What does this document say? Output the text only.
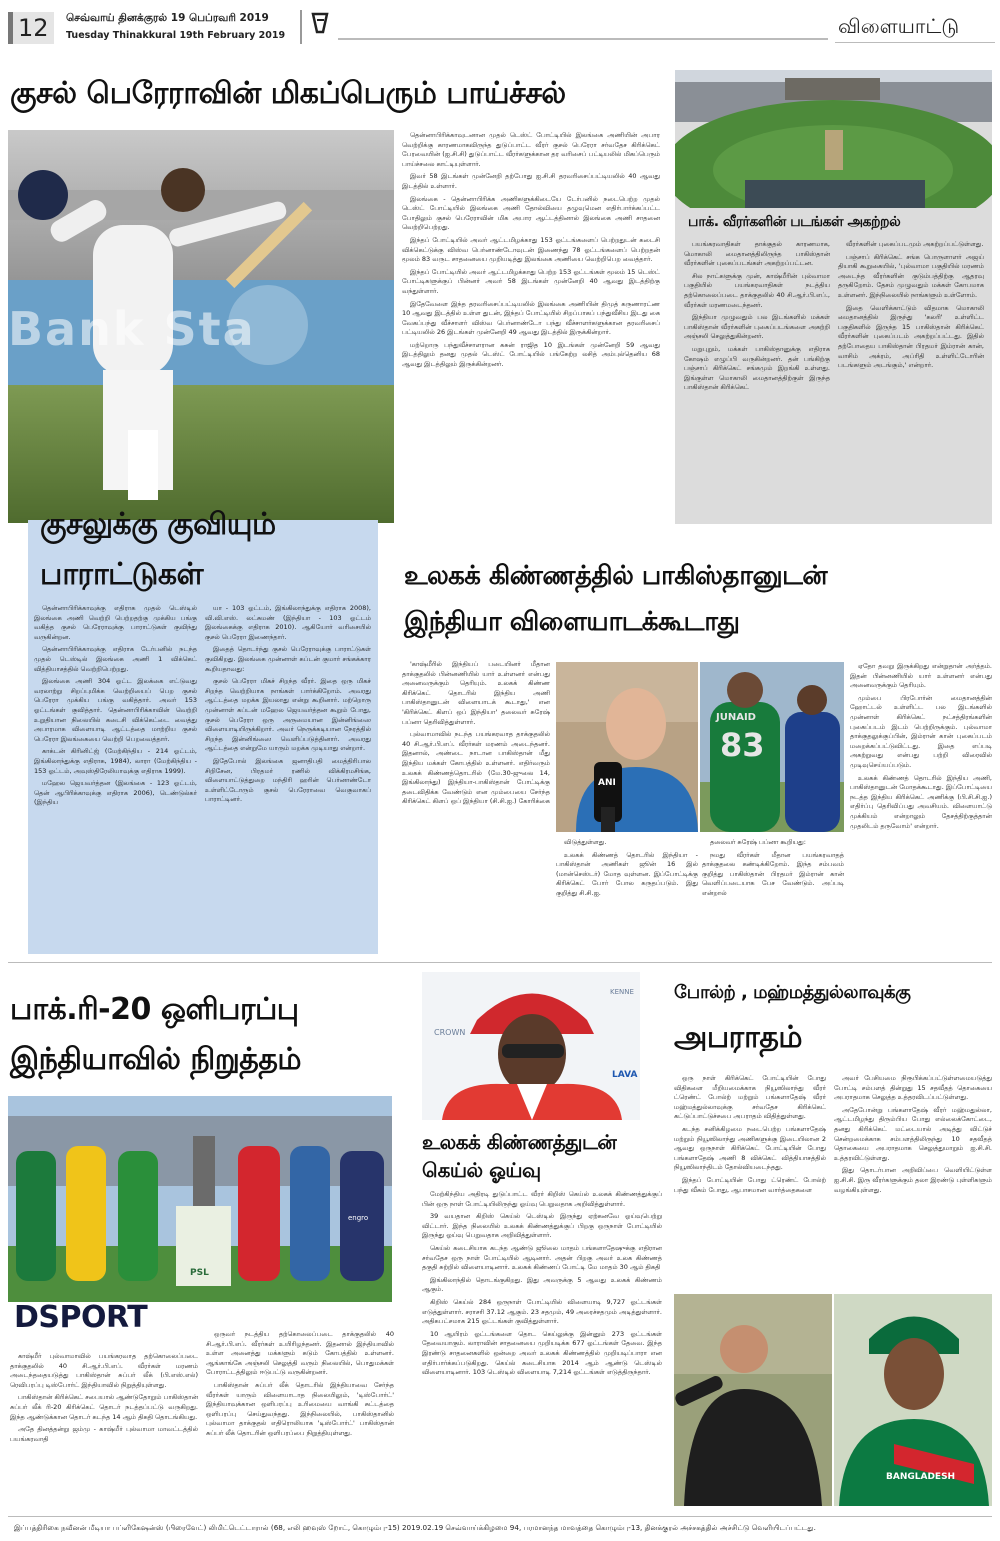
12 செவ்வாய் தினக்குரல் 19 பெப்ரவரி 2019
Tuesday Thinakkural 19th February 2019	விளையாட்டு
குசல் பெரேராவின் மிகப்பெரும் பாய்ச்சல்
Bank Sta

தென்னாபிரிக்காவுடனான முதல் டெஸ்ட் போட்டியில் இலங்கை அணியின் அபார வெற்றிக்கு காரணமாகவிருந்த துடுப்பாட்ட வீரர் குசல் பெரேரா சர்வதேச கிரிக்கெட் பேரவையின் (ஐ.சி.சி) துடுப்பாட்ட வீரர்களுக்கான தர வரிசைப் பட்டியலில் மிகப்பெரும் பாய்ச்சலை காட்டியுள்ளார்.

இவர் 58 இடங்கள் முன்னேறி தற்போது ஐ.சி.சி தரவரிசைப்பட்டியலில் 40 ஆவது இடத்தில் உள்ளார்.

இலங்கை - தென்னாபிரிக்க அணிகளுக்கிடையே டேர்பனில் நடைபெற்ற முதல் டெஸ்ட் போட்டியில் இலங்கை அணி தோல்வியை தழுவுமென எதிர்பார்க்கப்பட்ட போதிலும் குசல் பெரேராவின் மிக அபார ஆட்டத்தினால் இலங்கை அணி சாதனை வெற்றிபெற்றது.

இந்தப் போட்டியில் அவர் ஆட்டமிழக்காது 153 ஓட்டங்களைப் பெற்றதுடன் கடைசி விக்கெட்டுக்கு விஸ்வ பெர்னாண்டோவுடன் இணைந்து 78 ஓட்டங்களைப் பெற்றதன் மூலம் 83 வருட சாதனையை முறியடித்து இலங்கை அணியை வெற்றிபெற வைத்தார்.

இந்தப் போட்டியில் அவர் ஆட்டமிழக்காது பெற்ற 153 ஓட்டங்கள் மூலம் 15 டெஸ்ட் போட்டிகளுக்குப் பின்னர் அவர் 58 இடங்கள் முன்னேறி 40 ஆவது இடத்திற்கு வந்துள்ளார்.

இதேவேளை இந்த தரவரிசைப்பட்டியலில் இலங்கை அணியின் திமுத் கருணாரட்ண 10 ஆவது இடத்தில் உள்ள துடன், இந்தப் போட்டியில் சிறப்பாகப் பந்துவீசிய இடது கை வேகப்பந்து வீச்சாளர் விஸ்வ பெர்னாண்டோ பந்து வீச்சாளர்களுக்கான தரவரிசைப் பட்டியலில் 26 இடங்கள் முன்னேறி 49 ஆவது இடத்தில் இருக்கின்றார்.

மற்றொரு பந்துவீச்சாளரான கசுன் ராஜித 10 இடங்கள் முன்னேறி 59 ஆவது இடத்திலும் தனது முதல் டெஸ்ட் போட்டியில் பங்கேற்ற லசித் அம்புல்தெனிய 68 ஆவது இடத்திலும் இருக்கின்றனர்.

பாக். வீரர்களின் படங்கள் அகற்றல்

பயங்கரவாதிகள் தாக்குதல் காரணமாக, மொகாலி மைதானத்திலிருந்த பாகிஸ்தான் வீரர்களின் புகைப்படங்கள் அகற்றப்பட்டன.

சில நாட்களுக்கு முன், காஷ்மீரின் புல்வாமா பகுதியில் பயங்கரவாதிகள் நடத்திய தற்கொலைப்படை தாக்குதலில் 40 சி.ஆர்.பி.எப்., வீரர்கள் மரணமடைந்தனர்.

இந்தியா முழுவதும் பல இடங்களில் மக்கள் பாகிஸ்தான் வீரர்களின் புகைப்படங்களை அகற்றி அஞ்சலி செலுத்துகின்றனர்.

மறுபுறும், மக்கள் பாகிஸ்தானுக்கு எதிராக கோஷம் எழுப்பி வருகின்றனர். தன் பங்கிற்கு பஞ்சாப் கிரிக்கெட் சங்கமும் இறங்கி உள்ளது. இங்குள்ள மொகாலி மைதானத்திற்குள் இருந்த பாகிஸ்தான் கிரிக்கெட்

வீரர்களின் புகைப்படமும் அகற்றப்பட்டுள்ளது.

பஞ்சாப் கிரிக்கெட் சங்க பொருளாளர் அஜய் தியாகி கூறுகையில், 'புல்வாமா பகுதியில் மரணம் அடைந்த வீரர்களின் குடும்பத்திற்கு ஆதரவு தருகிறோம். தேசம் முழுவதும் மக்கள் கோபமாக உள்ளனர். இந்நிலையில் நாங்களும் உள்ளோம்.

இதை வெளிக்காட்டும் விதமாக மொகாலி மைதானத்தில் இருந்து 'கலரி' உள்ளிட்ட பகுதிகளில் இருந்த 15 பாகிஸ்தான் கிரிக்கெட் வீரர்களின் புகைப்படம் அகற்றப்பட்டது. இதில் தற்போதைய பாகிஸ்தான் பிரதமர் இம்ரான் கான், வாசிம் அக்ரம், அப்ரிதி உள்ளிட்டோரின் படங்களும் அடங்கும்,' என்றார்.

குசலுக்கு குவியும்
பாராட்டுகள்

தென்னாபிரிக்காவுக்கு எதிராக முதல் டெஸ்டில் இலங்கை அணி வெற்றி பெற்றதற்கு முக்கிய பங்கு வகித்த குசல் பெரேராவுக்கு பாராட்டுகள் குவிந்து வருகின்றன.

தென்னாபிரிக்காவுக்கு எதிராக டேர்பனில் நடந்த முதல் டெஸ்டில் இலங்கை அணி 1 விக்கெட் வித்தியாசத்தில் வெற்றிபெற்றது.

இலங்கை அணி 304 ஓட்ட இலக்கை எட்டுவது வரலாற்று சிறப்புமிக்க வெற்றியைப் பெற குசல் பெரேரா முக்கிய பங்கு வகித்தார். அவர் 153 ஓட்டங்கள் குவித்தார். தென்னாபிரிக்காவின் வெற்றி உறுதியான நிலையில் கடைசி விக்கெட்டை வைத்து அபாரமாக விளையாடி ஆட்டத்தை மாற்றிய குசல் பெரேரா இலங்கையை வெற்றி பெறவைத்தார்.

காக்டன் கிரினிட்ஜ் (மேற்கிந்திய - 214 ஓட்டம், இங்கிலாந்துக்கு எதிராக, 1984), லாரா (மேற்கிந்திய - 153 ஓட்டம், அவுஸ்திரேலியாவுக்கு எதிராக 1999).

மஹேல ஜெயவர்த்தன (இலங்கை - 123 ஓட்டம், தென் ஆபிரிக்காவுக்கு எதிராக 2006), டெண்டுல்கர் (இந்திய

யா - 103 ஓட்டம், இங்கிலாந்துக்கு எதிராக 2008), வி.வி.எஸ். லட்சுமண் (இந்தியா - 103 ஓட்டம் இலங்கைக்கு எதிராக 2010). ஆகியோர் வரிசையில் குசல் பெரேரா இணைந்தார்.

இதைத் தொடர்ந்து குசல் பெரேராவுக்கு பாராட்டுகள் குவிகிறது. இலங்கை முன்னாள் கப்டன் குமார் சங்கக்கார கூறியதாவது:

குசல் பெரேரா மிகச் சிறந்த வீரர். இதை ஒரு மிகச் சிறந்த வெற்றியாக நாங்கள் பார்க்கிறோம். அவரது ஆட்டத்தை மறக்க இயலாது என்று கூறினார். மற்றொரு முன்னாள் கப்டன் மஹேல ஜெயவர்த்தன கூறும் போது, குசல் பெரேரா ஒரு அருமையான இன்னிங்ஸை விளையாடியிருக்கிறார். அவர் நெருக்கடியான நேரத்தில் சிறந்த இன்னிங்ஸை வெளிப்படுத்தினார். அவரது ஆட்டத்தை என்றுமே யாரும் மறக்க முடியாது என்றார்.

இதேபோல் இலங்கை ஜனாதிபதி மைத்திரிபால சிறிசேன, பிரதமர் ரணில் விக்கிரமசிங்க, விளையாட்டுத்துறை மந்திரி ஹரின் பெர்னாண்டோ உள்ளிட்டோரும் குசல் பெரேராவை வெகுவாகப் பாராட்டினர்.

உலகக் கிண்ணத்தில் பாகிஸ்தானுடன்
இந்தியா விளையாடக்கூடாது

'காஷ்மீரில் இந்தியப் படையினர் மீதான தாக்குதலில் பின்னணியில் யார் உள்ளனர் என்பது அனைவருக்கும் தெரியும். உலகக் கிண்ண கிரிக்கெட் தொடரில் இந்திய அணி பாகிஸ்தானுடன் விளையாடக் கூடாது,' என 'கிரிக்கெட் கிளப் ஒப் இந்தியா' தலைவர் சுரேஷ் பப்னா தெரிவித்துள்ளார்.

புல்வாமாவில் நடந்த பயங்கரவாத தாக்குதலில் 40 சி.ஆர்.பி.எப். வீரர்கள் மரணம் அடைந்தனர். இதனால், அண்டை நாடான பாகிஸ்தான் மீது இந்திய மக்கள் கோபத்தில் உள்ளனர். எதிர்வரும் உலகக் கிண்ணத்தொடரில் (மே.30-ஜுலை 14, இங்கிலாந்து) இந்தியா-பாகிஸ்தான் போட்டிக்கு தடைவிதிக்க வேண்டும் என மும்பையை சேர்ந்த கிரிக்கெட் கிளப் ஒப் இந்தியா (சி.சி.ஐ.) கோரிக்கை

ANI
JUNAID
83

விடுத்துள்ளது.

உலகக் கிண்ணத் தொடரில் இந்தியா - பாகிஸ்தான் அணிகள் ஜூன் 16 இல் (மான்செஸ்டர்) மோத வுள்ளன. இப்போட்டிக்கு கிரிக்கெட் போர் போல கருதப்படும். இது குறித்து சி.சி.ஐ.

தலைவர் சுரேஷ் பப்னா கூறியது:

நமது வீரர்கள் மீதான பயங்கரவாதத் தாக்குதலை கண்டிக்கிறோம். இந்த சம்பவம் குறித்து பாகிஸ்தான் பிரதமர் இம்ரான் கான் வெளிப்படையாக பேச வேண்டும். அப்படி என்றால்

ஏதோ தவறு இருக்கிறது என்றுதான் அர்த்தம். இதன் பின்னணியில் யார் உள்ளனர் என்பது அனைவருக்கும் தெரியும்.

மும்பை பிரபோர்ன் மைதானத்தின் ஹோட்டல் உள்ளிட்ட பல இடங்களில் முன்னாள் கிரிக்கெட் நட்சத்திரங்களின் புகைப்படம் இடம் பெற்றிருக்கும். புல்வாமா தாக்குதலுக்குப்பின், இம்ரான் கான் புகைப்படம் மறைக்கப்பட்டுவிட்டது. இதை எப்படி அகற்றுவது என்பது பற்றி விரைவில் முடிவுசெய்யப்படும்.

உலகக் கிண்ணத் தொடரில் இந்திய அணி, பாகிஸ்தானுடன் மோதக்கூடாது. இப்போட்டியை நடத்த இந்திய கிரிக்கெட் அணிக்கு (பி.சி.சி.ஐ.) எதிர்ப்பு தெரிவிப்பது அவசியம். விளையாட்டு முக்கியம் என்றாலும் தேசத்திற்குத்தான் முதலிடம் தருவோம்' என்றார்.

பாக்.ரி-20 ஒளிபரப்பு
இந்தியாவில் நிறுத்தம்
PSL
engro
DSPORT

காஷ்மீர் புல்வாமாவில் பயங்கரவாத தற்கொலைப்படை தாக்குதலில் 40 சி.ஆர்.பி.எப். வீரர்கள் மரணம் அடைந்ததையடுத்து பாகிஸ்தான் சுப்பர் லீக் (பி.எஸ்.எல்) ரெவிபரப்பு டிஸ்போர்ட் இந்தியாவில் நிறுத்தியுள்ளது.

பாகிஸ்தான் கிரிக்கெட் சபையால் ஆண்டுதோறும் பாகிஸ்தான் சுப்பர் லீக் ரி-20 கிரிக்கெட் தொடர் நடத்தப்பட்டு வருகிறது. இந்த ஆண்டுக்கான தொடர் கடந்த 14 ஆம் திகதி தொடங்கியது.

அதே தினத்தன்று ஜம்மு - காஷ்மீர் புல்வாமா மாவட்டத்தில் பயங்கரவாதி

ஒருவர் நடத்திய தற்கொலைப்படை தாக்குதலில் 40 சி.ஆர்.பி.எப். வீரர்கள் உயிரிழந்தனர். இதனால் இந்தியாவில் உள்ள அனைத்து மக்களும் கடும் கோபத்தில் உள்ளனர். ஆங்காங்கே அஞ்சலி செலுத்தி வரும் நிலையில், பொதுமக்கள் போராட்டத்திலும் ஈடுபட்டு வருகின்றனர்.

பாகிஸ்தான் சுப்பர் லீக் தொடரில் இந்தியாவை சேர்ந்த வீரர்கள் யாரும் விளையாடாத நிலையிலும், 'டிஸ்போர்ட்' இந்தியாவுக்கான ஒளிபரப்பு உரிமையை வாங்கி சுட்டத்தை ஒளிபரப்பு செய்துவந்தது. இந்நிலையில், பாகிஸ்தானில் புல்வாமா தாக்குதல் எதிரொலியாக 'டிஸ்போர்ட்' பாகிஸ்தான் சுப்பர் லீக் தொடரின் ஒளிபரப்பை நிறுத்தியுள்ளது.

CROWN
KENNE
LAVA
உலகக் கிண்ணத்துடன்
கெய்ல் ஓய்வு

மேற்கிந்திய அதிரடி துடுப்பாட்ட வீரர் கிறிஸ் கெய்ல் உலகக் கிண்ணத்துக்குப் பின் ஒரு நாள் போட்டியிலிருந்து ஓய்வு பெறுவதாக அறிவித்துள்ளார்.

39 வயதான கிறிஸ் கெய்ல் டெஸ்டில் இருந்து ஏற்கனவே ஓய்வுபெற்று விட்டார். இந்த நிலையில் உலகக் கிண்ணத்துக்குப் பிறகு ஒருநாள் போட்டியில் இருந்து ஓய்வு பெறுவதாக அறிவித்துள்ளார்.

கெய்ல் கடைசியாக கடந்த ஆண்டு ஜூலை மாதம் பங்களாதேஷுக்கு எதிரான சர்வதேச ஒரு நாள் போட்டியில் ஆடினார். அதன் பிறகு அவர் உலக கிண்ணத் தகுதி சுற்றில் விளையாடினார். உலகக் கிண்ணப் போட்டி மே மாதம் 30 ஆம் திகதி

இங்கிலாந்தில் தொடங்குகிறது. இது அவருக்கு 5 ஆவது உலகக் கிண்ணம் ஆகும்.

கிறிஸ் கெய்ல் 284 ஒருநாள் போட்டியில் விளையாடி 9,727 ஓட்டங்கள் எடுத்துள்ளார். சராசரி 37.12 ஆகும். 23 சதமும், 49 அரைச்சதமும் அடித்துள்ளார். அதிகபட்சமாக 215 ஓட்டங்கள் குவித்துள்ளார்.

10 ஆயிரம் ஓட்டங்களை தொட கெய்லுக்கு இன்னும் 273 ஓட்டங்கள் தேவையாகும். லாராவின் சாதனையை முறியடிக்க 677 ஓட்டங்கள் தேவை. இந்த இரண்டு சாதனைகளில் ஒன்றை அவர் உலகக் கிண்ணத்தில் முறியடிப்பாரா என எதிர்பார்க்கப்படுகிறது. கெய்ல் கடைசியாக 2014 ஆம் ஆண்டு டெஸ்டில் விளையாடினார். 103 டெஸ்டில் விளையாடி 7,214 ஓட்டங்கள் எடுத்திருந்தார்.

போல்ற் , மஹ்மத்துல்லாவுக்கு
அபராதம்

ஒரு நாள் கிரிக்கெட் போட்டியின் போது விதிகளை மீறியமைக்காக நியூஸிலாந்து வீரர் ட்ரெண்ட் போல்ற் மற்றும் பங்களாதேஷ் வீரர் மஹ்மத்துல்லாவுக்கு சர்வதேச கிரிக்கெட் கட்டுப்பாட்டுச்சபை அபராதம் விதித்துள்ளது.

கடந்த சனிக்கிழமை நடைபெற்ற பங்களாதேஷ் மற்றும் நியூஸிலாந்து அணிகளுக்கு இடையிலான 2 ஆவது ஒருநாள் கிரிக்கெட் போட்டியின் போது பங்களாதேஷ் அணி 8 விக்கெட் வித்தியாசத்தில் நியூஸிலாந்திடம் தோல்வியடைந்தது.

இந்தப் போட்டியின் போது ட்ரெண்ட் போல்ற் பந்து வீசும் போது, ஆபாசமான வார்த்தைகளை

அவர் பேசியமை நிரூபிக்கப்பட்டுள்ளமையடுத்து போட்டி சம்பளத் தின்றுது 15 சதவீதத் தொகையை அபராதமாக செலுத்த உத்தரவிடப்பட்டுள்ளது.

அதேபோன்று பங்களாதேஷ் வீரர் மஹ்மதுல்லா, ஆட்டமிழந்து திரும்பிய போது எல்லைக்கோட்டை, தனது கிரிக்கெட் மட்டையால் அடித்து விட்டுச் சென்றமைக்காக சம்பளத்திலிருந்து 10 சதவீதத் தொகையை அபராதமாக செலுத்துமாறும் ஐ.சி.சி. உத்தரவிட்டுள்ளது.

இது தொடர்பான அறிவிப்பை வெளியிட்டுள்ள ஐ.சி.சி. இரு வீரர்களுக்கும் தலா இரண்டு புள்ளிகளும் வழங்கியுள்ளது.

BANGLADESH
இப்பத்திரிகை நவீனன் மீடியா பப்ளிகேஷன்ஸ் (பிரைவேட்) லிமிட்டெட்டாரால் (68, எலி ஹவுஸ் றோட், கொழும்பு-15) 2019.02.19 செவ்வாய்க்கிழமை 94, பரமானந்த மாவத்தை கொழும்பு-13, தினக்குரல் அச்சகத்தில் அச்சிட்டு வெளியிடப்பட்டது.
